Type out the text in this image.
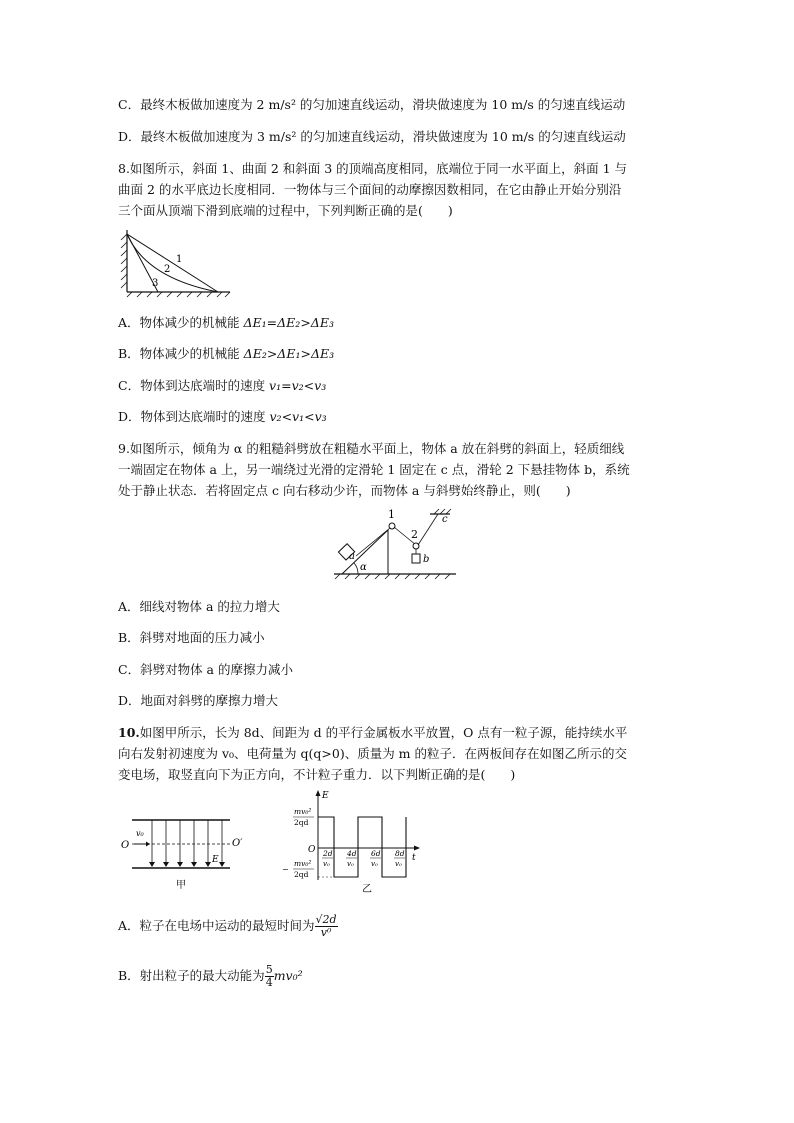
C．最终木板做加速度为 2 m/s² 的匀加速直线运动，滑块做速度为 10 m/s 的匀速直线运动
D．最终木板做加速度为 3 m/s² 的匀加速直线运动，滑块做速度为 10 m/s 的匀速直线运动
8.如图所示，斜面 1、曲面 2 和斜面 3 的顶端高度相同，底端位于同一水平面上，斜面 1 与
曲面 2 的水平底边长度相同．一物体与三个面间的动摩擦因数相同，在它由静止开始分别沿
三个面从顶端下滑到底端的过程中，下列判断正确的是(　　)
1
2
3
A．物体减少的机械能 ΔE₁=ΔE₂>ΔE₃
B．物体减少的机械能 ΔE₂>ΔE₁>ΔE₃
C．物体到达底端时的速度 v₁=v₂<v₃
D．物体到达底端时的速度 v₂<v₁<v₃
9.如图所示，倾角为 α 的粗糙斜劈放在粗糙水平面上，物体 a 放在斜劈的斜面上，轻质细线
一端固定在物体 a 上，另一端绕过光滑的定滑轮 1 固定在 c 点，滑轮 2 下悬挂物体 b，系统
处于静止状态．若将固定点 c 向右移动少许，而物体 a 与斜劈始终静止，则(　　)
α
a
1
2
c
b
A．细线对物体 a 的拉力增大
B．斜劈对地面的压力减小
C．斜劈对物体 a 的摩擦力减小
D．地面对斜劈的摩擦力增大
10.如图甲所示，长为 8d、间距为 d 的平行金属板水平放置，O 点有一粒子源，能持续水平
向右发射初速度为 v₀、电荷量为 q(q>0)、质量为 m 的粒子．在两板间存在如图乙所示的交
变电场，取竖直向下为正方向，不计粒子重力．以下判断正确的是(　　)
v₀
O	O′
E
甲
E
t
O
mv₀²
2qd
−
mv₀²
2qd
2d
v₀
4d
v₀
6d
v₀
8d
v₀
乙
A．粒子在电场中运动的最短时间为 $\frac{√2d}{\text{v⁰}}$
B．射出粒子的最大动能为 $\frac{5}{4} mv_0^2$
